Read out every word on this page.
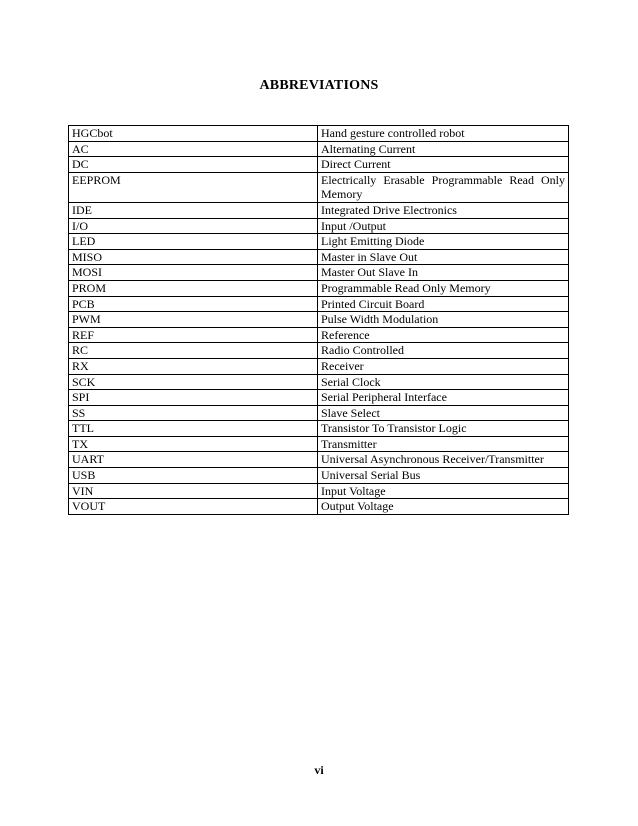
ABBREVIATIONS
HGCbot	Hand gesture controlled robot
AC	Alternating Current
DC	Direct Current
EEPROM	Electrically Erasable Programmable Read Only Memory
IDE	Integrated Drive Electronics
I/O	Input /Output
LED	Light Emitting Diode
MISO	Master in Slave Out
MOSI	Master Out Slave In
PROM	Programmable Read Only Memory
PCB	Printed Circuit Board
PWM	Pulse Width Modulation
REF	Reference
RC	Radio Controlled
RX	Receiver
SCK	Serial Clock
SPI	Serial Peripheral Interface
SS	Slave Select
TTL	Transistor To Transistor Logic
TX	Transmitter
UART	Universal Asynchronous Receiver/Transmitter
USB	Universal Serial Bus
VIN	Input Voltage
VOUT	Output Voltage
vi
